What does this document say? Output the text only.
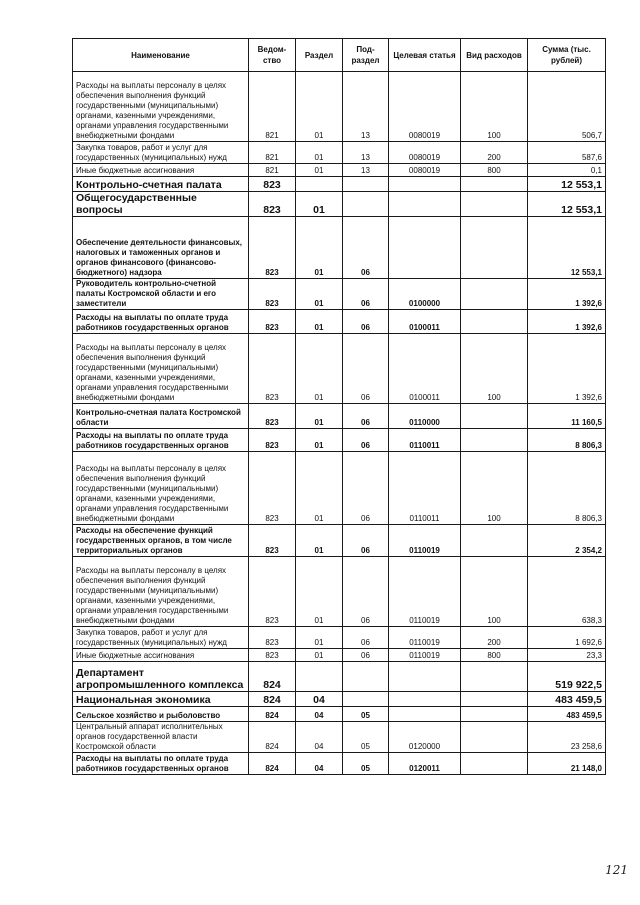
Наименование	Ведом-ство	Раздел	Под-раздел	Целевая статья	Вид расходов	Сумма (тыс. рублей)
Расходы на выплаты персоналу в целях обеспечения выполнения функций государственными (муниципальными) органами, казенными учреждениями, органами управления государственными внебюджетными фондами	821	01	13	0080019	100	506,7
Закупка товаров, работ и услуг для государственных (муниципальных) нужд	821	01	13	0080019	200	587,6
Иные бюджетные ассигнования	821	01	13	0080019	800	0,1
Контрольно-счетная палата	823					12 553,1
Общегосударственные вопросы	823	01				12 553,1
Обеспечение деятельности финансовых, налоговых и таможенных органов и органов финансового (финансово-бюджетного) надзора	823	01	06			12 553,1
Руководитель контрольно-счетной палаты Костромской области и его заместители	823	01	06	0100000		1 392,6
Расходы на выплаты по оплате труда работников государственных органов	823	01	06	0100011		1 392,6
Расходы на выплаты персоналу в целях обеспечения выполнения функций государственными (муниципальными) органами, казенными учреждениями, органами управления государственными внебюджетными фондами	823	01	06	0100011	100	1 392,6
Контрольно-счетная палата Костромской области	823	01	06	0110000		11 160,5
Расходы на выплаты по оплате труда работников государственных органов	823	01	06	0110011		8 806,3
Расходы на выплаты персоналу в целях обеспечения выполнения функций государственными (муниципальными) органами, казенными учреждениями, органами управления государственными внебюджетными фондами	823	01	06	0110011	100	8 806,3
Расходы на обеспечение функций государственных органов, в том числе территориальных органов	823	01	06	0110019		2 354,2
Расходы на выплаты персоналу в целях обеспечения выполнения функций государственными (муниципальными) органами, казенными учреждениями, органами управления государственными внебюджетными фондами	823	01	06	0110019	100	638,3
Закупка товаров, работ и услуг для государственных (муниципальных) нужд	823	01	06	0110019	200	1 692,6
Иные бюджетные ассигнования	823	01	06	0110019	800	23,3
Департамент агропромышленного комплекса	824					519 922,5
Национальная экономика	824	04				483 459,5
Сельское хозяйство и рыболовство	824	04	05			483 459,5
Центральный аппарат исполнительных органов государственной власти Костромской области	824	04	05	0120000		23 258,6
Расходы на выплаты по оплате труда работников государственных органов	824	04	05	0120011		21 148,0
121
